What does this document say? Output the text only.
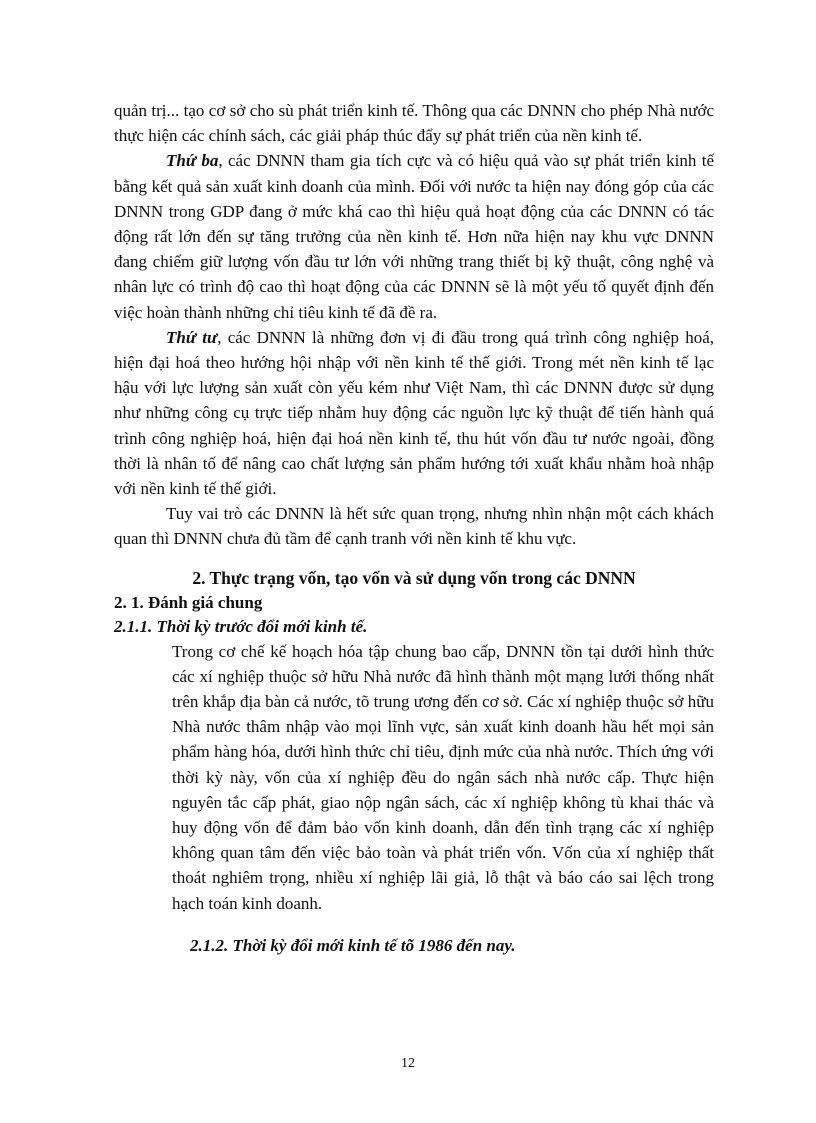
quản trị... tạo cơ sở cho sù phát triển kinh tế. Thông qua các DNNN cho phép Nhà nước thực hiện các chính sách, các giải pháp thúc đẩy sự phát triển của nền kinh tế.

Thứ ba, các DNNN tham gia tích cực và có hiệu quả vào sự phát triển kinh tế bằng kết quả sản xuất kinh doanh của mình. Đối với nước ta hiện nay đóng góp của các DNNN trong GDP đang ở mức khá cao thì hiệu quả hoạt động của các DNNN có tác động rất lớn đến sự tăng trưởng của nền kinh tế. Hơn nữa hiện nay khu vực DNNN đang chiếm giữ lượng vốn đầu tư lớn với những trang thiết bị kỹ thuật, công nghệ và nhân lực có trình độ cao thì hoạt động của các DNNN sẽ là một yếu tố quyết định đến việc hoàn thành những chỉ tiêu kinh tế đã đề ra.

Thứ tư, các DNNN là những đơn vị đi đầu trong quá trình công nghiệp hoá, hiện đại hoá theo hướng hội nhập với nền kinh tế thế giới. Trong mét nền kinh tế lạc hậu với lực lượng sản xuất còn yếu kém như Việt Nam, thì các DNNN được sử dụng như những công cụ trực tiếp nhằm huy động các nguồn lực kỹ thuật để tiến hành quá trình công nghiệp hoá, hiện đại hoá nền kinh tế, thu hút vốn đầu tư nước ngoài, đồng thời là nhân tố để nâng cao chất lượng sản phẩm hướng tới xuất khẩu nhằm hoà nhập với nền kinh tế thế giới.

Tuy vai trò các DNNN là hết sức quan trọng, nhưng nhìn nhận một cách khách quan thì DNNN chưa đủ tầm để cạnh tranh với nền kinh tế khu vực.

2. Thực trạng vốn, tạo vốn và sử dụng vốn trong các DNNN

2. 1. Đánh giá chung

2.1.1. Thời kỳ trước đổi mới kinh tế.

Trong cơ chế kế hoạch hóa tập chung bao cấp, DNNN tồn tại dưới hình thức các xí nghiệp thuộc sở hữu Nhà nước đã hình thành một mạng lưới thống nhất trên khắp địa bàn cả nước, tõ trung ương đến cơ sở. Các xí nghiệp thuộc sở hữu Nhà nước thâm nhập vào mọi lĩnh vực, sản xuất kinh doanh hầu hết mọi sản phẩm hàng hóa, dưới hình thức chỉ tiêu, định mức của nhà nước. Thích ứng với thời kỳ này, vốn của xí nghiệp đều do ngân sách nhà nước cấp. Thực hiện nguyên tắc cấp phát, giao nộp ngân sách, các xí nghiệp không tù khai thác và huy động vốn để đảm bảo vốn kinh doanh, dẫn đến tình trạng các xí nghiệp không quan tâm đến việc bảo toàn và phát triển vốn. Vốn của xí nghiệp thất thoát nghiêm trọng, nhiều xí nghiệp lãi giả, lỗ thật và báo cáo sai lệch trong hạch toán kinh doanh.

2.1.2. Thời kỳ đổi mới kinh tế tõ 1986 đến nay.

12
